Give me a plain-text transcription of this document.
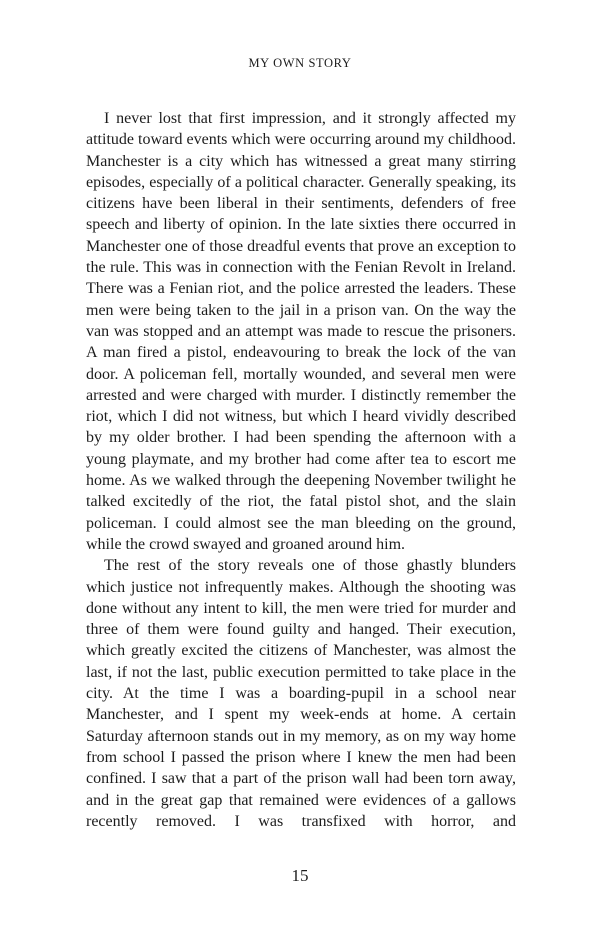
MY OWN STORY

I never lost that first impression, and it strongly affected my attitude toward events which were occurring around my childhood. Manchester is a city which has witnessed a great many stirring episodes, especially of a political character. Generally speaking, its citizens have been liberal in their sentiments, defenders of free speech and liberty of opinion. In the late sixties there occurred in Manchester one of those dreadful events that prove an exception to the rule. This was in connection with the Fenian Revolt in Ireland. There was a Fenian riot, and the police arrested the leaders. These men were being taken to the jail in a prison van. On the way the van was stopped and an attempt was made to rescue the prisoners. A man fired a pistol, endeavouring to break the lock of the van door. A policeman fell, mortally wounded, and several men were arrested and were charged with murder. I distinctly remember the riot, which I did not witness, but which I heard vividly described by my older brother. I had been spending the afternoon with a young playmate, and my brother had come after tea to escort me home. As we walked through the deepening November twilight he talked excitedly of the riot, the fatal pistol shot, and the slain policeman. I could almost see the man bleeding on the ground, while the crowd swayed and groaned around him.

The rest of the story reveals one of those ghastly blunders which justice not infrequently makes. Although the shooting was done without any intent to kill, the men were tried for murder and three of them were found guilty and hanged. Their execution, which greatly excited the citizens of Manchester, was almost the last, if not the last, public execution permitted to take place in the city. At the time I was a boarding-pupil in a school near Manchester, and I spent my week-ends at home. A certain Saturday afternoon stands out in my memory, as on my way home from school I passed the prison where I knew the men had been confined. I saw that a part of the prison wall had been torn away, and in the great gap that remained were evidences of a gallows recently removed. I was transfixed with horror, and

15
